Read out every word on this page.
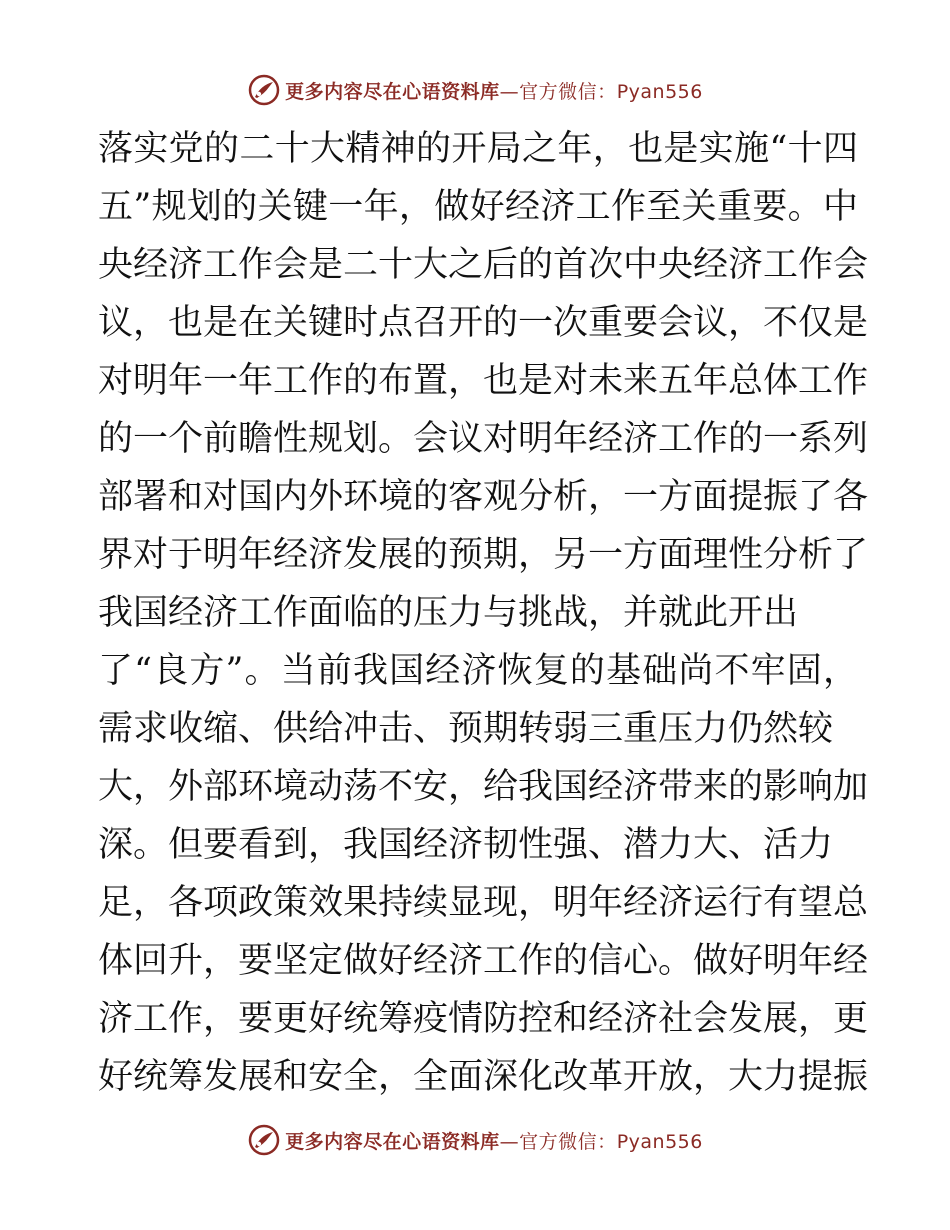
更多内容尽在心语资料库—官方微信：Pyan556
落实党的二十大精神的开局之年，也是实施“十四
五”规划的关键一年，做好经济工作至关重要。中
央经济工作会是二十大之后的首次中央经济工作会
议，也是在关键时点召开的一次重要会议，不仅是
对明年一年工作的布置，也是对未来五年总体工作
的一个前瞻性规划。会议对明年经济工作的一系列
部署和对国内外环境的客观分析，一方面提振了各
界对于明年经济发展的预期，另一方面理性分析了
我国经济工作面临的压力与挑战，并就此开出
了“良方”。当前我国经济恢复的基础尚不牢固，
需求收缩、供给冲击、预期转弱三重压力仍然较
大，外部环境动荡不安，给我国经济带来的影响加
深。但要看到，我国经济韧性强、潜力大、活力
足，各项政策效果持续显现，明年经济运行有望总
体回升，要坚定做好经济工作的信心。做好明年经
济工作，要更好统筹疫情防控和经济社会发展，更
好统筹发展和安全，全面深化改革开放，大力提振
更多内容尽在心语资料库—官方微信：Pyan556
